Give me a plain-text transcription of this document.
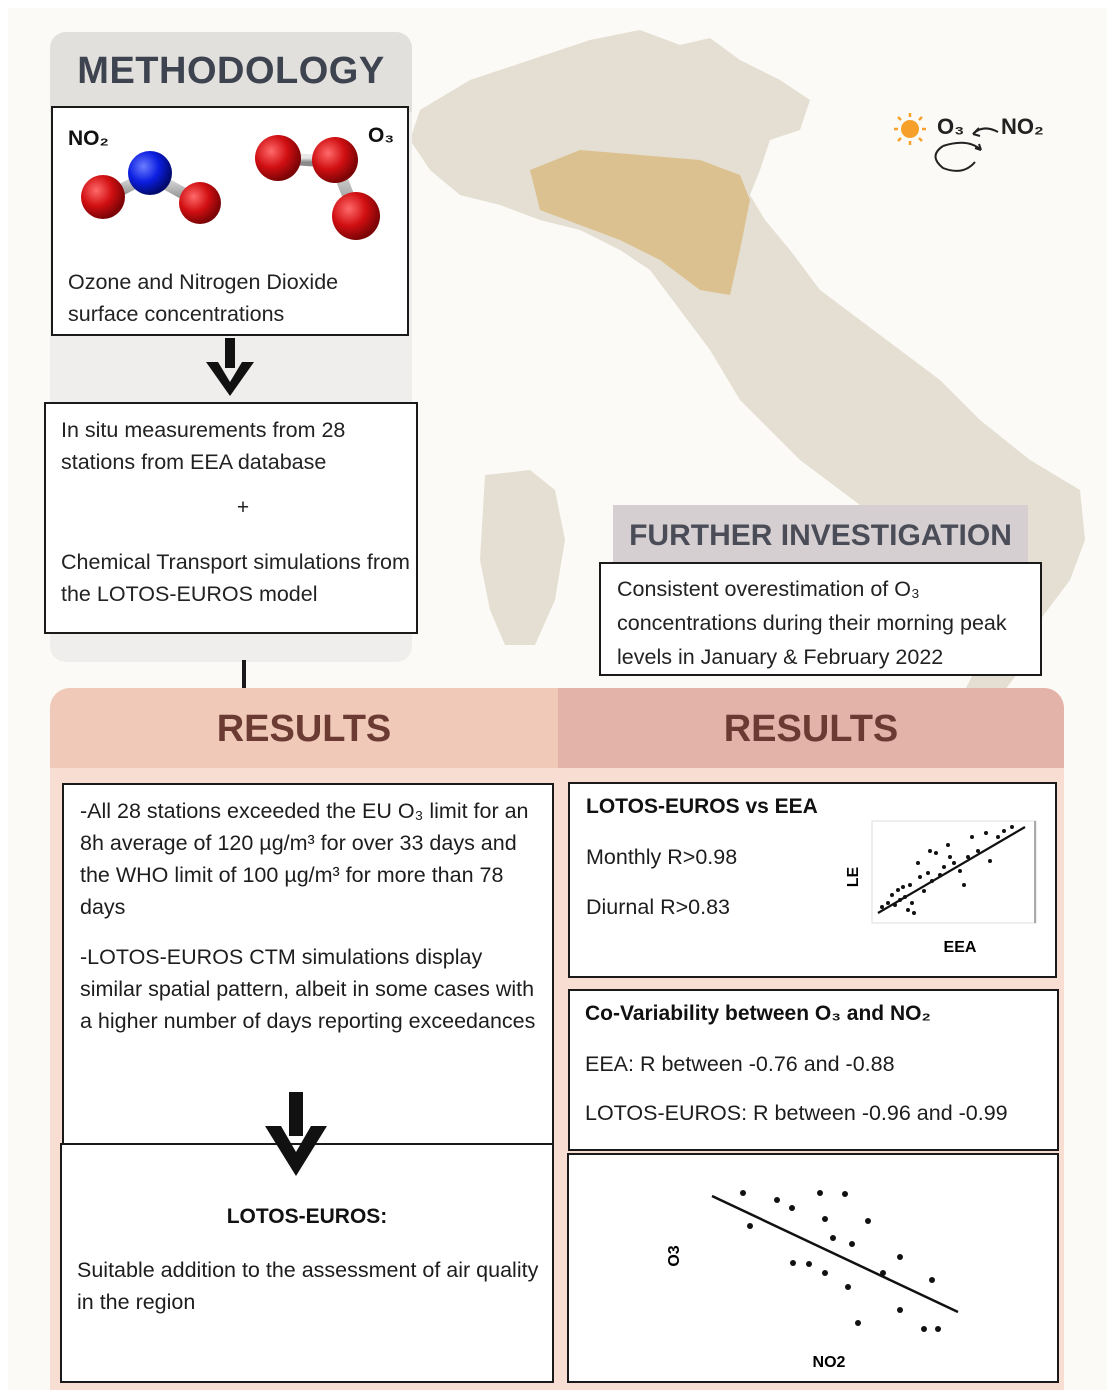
O₃ NO₂
METHODOLOGY
NO₂	O₃
Ozone and Nitrogen Dioxide surface concentrations
In situ measurements from 28 stations from EEA database
+
Chemical Transport simulations from the LOTOS-EUROS model
FURTHER INVESTIGATION
Consistent overestimation of O₃ concentrations during their morning peak levels in January & February 2022
RESULTS	RESULTS
-All 28 stations exceeded the EU O₃ limit for an 8h average of 120 µg/m³ for over 33 days and the WHO limit of 100 µg/m³ for more than 78 days
-LOTOS-EUROS CTM simulations display similar spatial pattern, albeit in some cases with a higher number of days reporting exceedances
LOTOS-EUROS:
Suitable addition to the assessment of air quality in the region
LOTOS-EUROS vs EEA
Monthly R>0.98
Diurnal R>0.83
LE
EEA
Co-Variability between O₃ and NO₂
EEA: R between -0.76 and -0.88
LOTOS-EUROS: R between -0.96 and -0.99
O3
NO2
